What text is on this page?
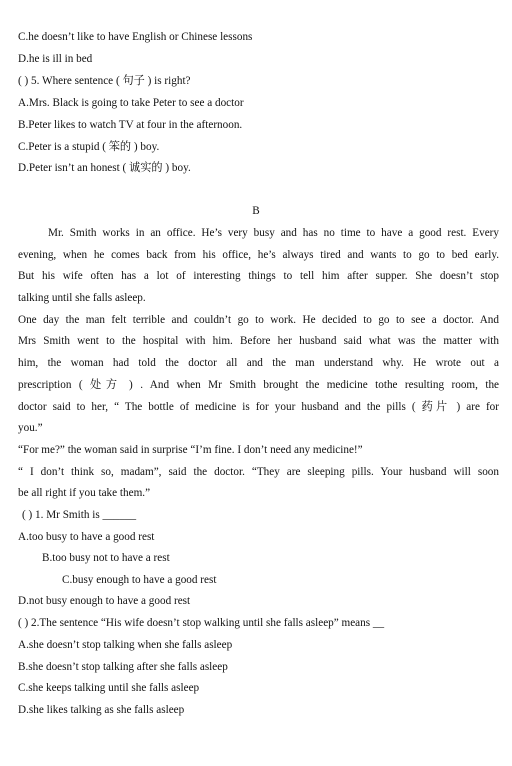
C.he doesn’t like to have English or Chinese lessons
D.he is ill in bed
( ) 5. Where sentence ( 句子 ) is right?
A.Mrs. Black is going to take Peter to see a doctor
B.Peter likes to watch TV at four in the afternoon.
C.Peter is a stupid ( 笨的 ) boy.
D.Peter isn’t an honest ( 诚实的 ) boy.
B
Mr. Smith works in an office. He’s very busy and has no time to have a good rest. Every
evening, when he comes back from his office, he’s always tired and wants to go to bed early.
But his wife often has a lot of interesting things to tell him after supper. She doesn’t stop
talking until she falls asleep.
One day the man felt terrible and couldn’t go to work. He decided to go to see a doctor. And
Mrs Smith went to the hospital with him. Before her husband said what was the matter with
him, the woman had told the doctor all and the man understand why. He wrote out a
prescription ( 处方 ) . And when Mr Smith brought the medicine tothe resulting room, the
doctor said to her, “ The bottle of medicine is for your husband and the pills ( 药片 ) are for
you.”
“For me?” the woman said in surprise “I’m fine. I don’t need any medicine!”
“ I don’t think so, madam”, said the doctor. “They are sleeping pills. Your husband will soon
be all right if you take them.”
( ) 1. Mr Smith is ______
A.too busy to have a good rest
B.too busy not to have a rest
C.busy enough to have a good rest
D.not busy enough to have a good rest
( ) 2.The sentence “His wife doesn’t stop walking until she falls asleep” means __
A.she doesn’t stop talking when she falls asleep
B.she doesn’t stop talking after she falls asleep
C.she keeps talking until she falls asleep
D.she likes talking as she falls asleep
